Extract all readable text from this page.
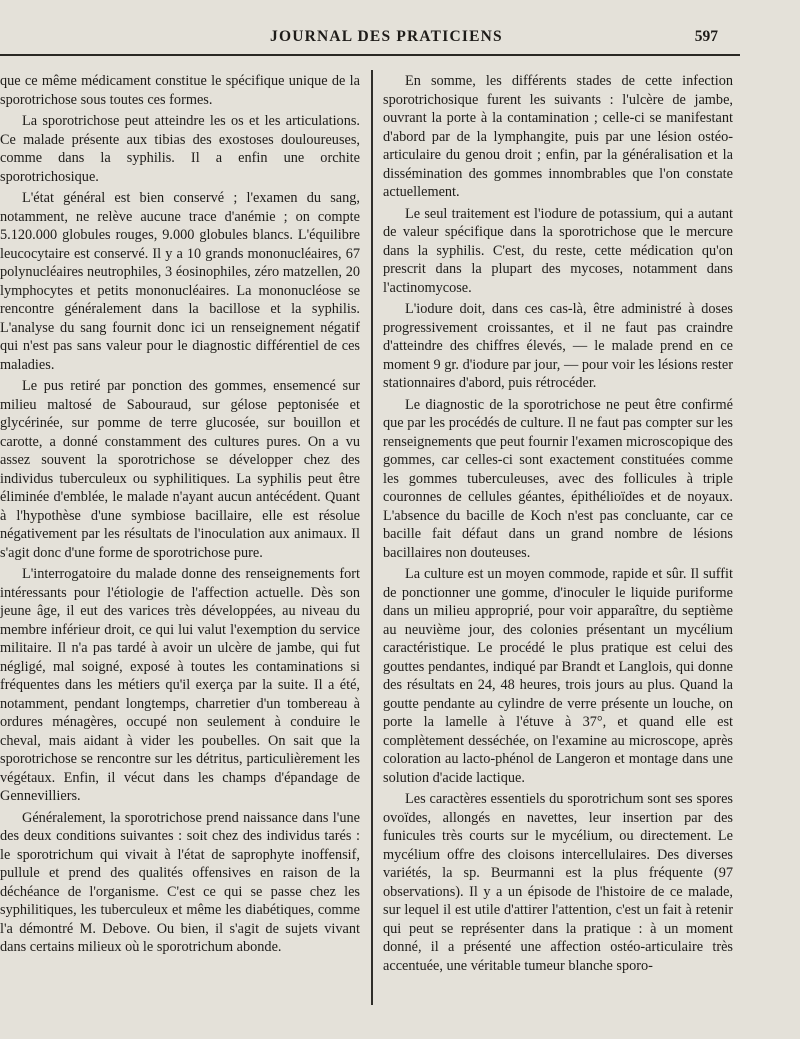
JOURNAL DES PRATICIENS	597

que ce même médicament constitue le spécifique unique de la sporotrichose sous toutes ces formes.

La sporotrichose peut atteindre les os et les articulations. Ce malade présente aux tibias des exostoses douloureuses, comme dans la syphilis. Il a enfin une orchite sporotrichosique.

L'état général est bien conservé ; l'examen du sang, notamment, ne relève aucune trace d'anémie ; on compte 5.120.000 globules rouges, 9.000 globules blancs. L'équilibre leucocytaire est conservé. Il y a 10 grands mononucléaires, 67 polynucléaires neutrophiles, 3 éosinophiles, zéro matzellen, 20 lymphocytes et petits mononucléaires. La mononucléose se rencontre généralement dans la bacillose et la syphilis. L'analyse du sang fournit donc ici un renseignement négatif qui n'est pas sans valeur pour le diagnostic différentiel de ces maladies.

Le pus retiré par ponction des gommes, ensemencé sur milieu maltosé de Sabouraud, sur gélose peptonisée et glycérinée, sur pomme de terre glucosée, sur bouillon et carotte, a donné constamment des cultures pures. On a vu assez souvent la sporotrichose se développer chez des individus tuberculeux ou syphilitiques. La syphilis peut être éliminée d'emblée, le malade n'ayant aucun antécédent. Quant à l'hypothèse d'une symbiose bacillaire, elle est résolue négativement par les résultats de l'inoculation aux animaux. Il s'agit donc d'une forme de sporotrichose pure.

L'interrogatoire du malade donne des renseignements fort intéressants pour l'étiologie de l'affection actuelle. Dès son jeune âge, il eut des varices très développées, au niveau du membre inférieur droit, ce qui lui valut l'exemption du service militaire. Il n'a pas tardé à avoir un ulcère de jambe, qui fut négligé, mal soigné, exposé à toutes les contaminations si fréquentes dans les métiers qu'il exerça par la suite. Il a été, notamment, pendant longtemps, charretier d'un tombereau à ordures ménagères, occupé non seulement à conduire le cheval, mais aidant à vider les poubelles. On sait que la sporotrichose se rencontre sur les détritus, particulièrement les végétaux. Enfin, il vécut dans les champs d'épandage de Gennevilliers.

Généralement, la sporotrichose prend naissance dans l'une des deux conditions suivantes : soit chez des individus tarés : le sporotrichum qui vivait à l'état de saprophyte inoffensif, pullule et prend des qualités offensives en raison de la déchéance de l'organisme. C'est ce qui se passe chez les syphilitiques, les tuberculeux et même les diabétiques, comme l'a démontré M. Debove. Ou bien, il s'agit de sujets vivant dans certains milieux où le sporotrichum abonde.

En somme, les différents stades de cette infection sporotrichosique furent les suivants : l'ulcère de jambe, ouvrant la porte à la contamination ; celle-ci se manifestant d'abord par de la lymphangite, puis par une lésion ostéo-articulaire du genou droit ; enfin, par la généralisation et la dissémination des gommes innombrables que l'on constate actuellement.

Le seul traitement est l'iodure de potassium, qui a autant de valeur spécifique dans la sporotrichose que le mercure dans la syphilis. C'est, du reste, cette médication qu'on prescrit dans la plupart des mycoses, notamment dans l'actinomycose.

L'iodure doit, dans ces cas-là, être administré à doses progressivement croissantes, et il ne faut pas craindre d'atteindre des chiffres élevés, — le malade prend en ce moment 9 gr. d'iodure par jour, — pour voir les lésions rester stationnaires d'abord, puis rétrocéder.

Le diagnostic de la sporotrichose ne peut être confirmé que par les procédés de culture. Il ne faut pas compter sur les renseignements que peut fournir l'examen microscopique des gommes, car celles-ci sont exactement constituées comme les gommes tuberculeuses, avec des follicules à triple couronnes de cellules géantes, épithélioïdes et de noyaux. L'absence du bacille de Koch n'est pas concluante, car ce bacille fait défaut dans un grand nombre de lésions bacillaires non douteuses.

La culture est un moyen commode, rapide et sûr. Il suffit de ponctionner une gomme, d'inoculer le liquide puriforme dans un milieu approprié, pour voir apparaître, du septième au neuvième jour, des colonies présentant un mycélium caractéristique. Le procédé le plus pratique est celui des gouttes pendantes, indiqué par Brandt et Langlois, qui donne des résultats en 24, 48 heures, trois jours au plus. Quand la goutte pendante au cylindre de verre présente un louche, on porte la lamelle à l'étuve à 37°, et quand elle est complètement desséchée, on l'examine au microscope, après coloration au lacto-phénol de Langeron et montage dans une solution d'acide lactique.

Les caractères essentiels du sporotrichum sont ses spores ovoïdes, allongés en navettes, leur insertion par des funicules très courts sur le mycélium, ou directement. Le mycélium offre des cloisons intercellulaires. Des diverses variétés, la sp. Beurmanni est la plus fréquente (97 observations). Il y a un épisode de l'histoire de ce malade, sur lequel il est utile d'attirer l'attention, c'est un fait à retenir qui peut se représenter dans la pratique : à un moment donné, il a présenté une affection ostéo-articulaire très accentuée, une véritable tumeur blanche sporo-
